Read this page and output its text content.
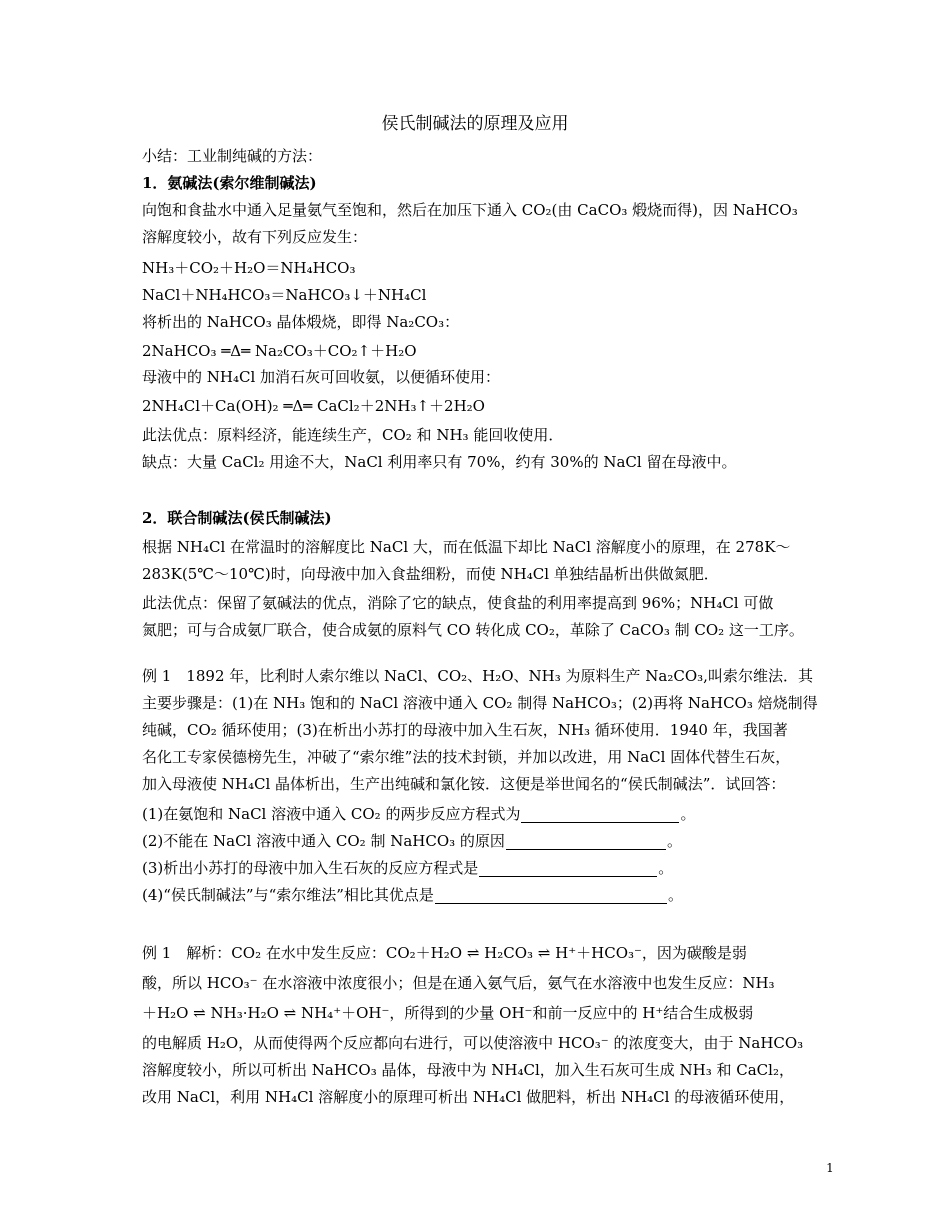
侯氏制碱法的原理及应用
小结：工业制纯碱的方法：
1．氨碱法(索尔维制碱法)
向饱和食盐水中通入足量氨气至饱和，然后在加压下通入 CO₂(由 CaCO₃ 煅烧而得)，因 NaHCO₃
溶解度较小，故有下列反应发生：
NH₃＋CO₂＋H₂O＝NH₄HCO₃
NaCl＋NH₄HCO₃＝NaHCO₃↓＋NH₄Cl
将析出的 NaHCO₃ 晶体煅烧，即得 Na₂CO₃：
2NaHCO₃ ═Δ═ Na₂CO₃＋CO₂↑＋H₂O
母液中的 NH₄Cl 加消石灰可回收氨，以便循环使用：
2NH₄Cl＋Ca(OH)₂ ═Δ═ CaCl₂＋2NH₃↑＋2H₂O
此法优点：原料经济，能连续生产，CO₂ 和 NH₃ 能回收使用．
缺点：大量 CaCl₂ 用途不大，NaCl 利用率只有 70%，约有 30%的 NaCl 留在母液中。
2．联合制碱法(侯氏制碱法)
根据 NH₄Cl 在常温时的溶解度比 NaCl 大，而在低温下却比 NaCl 溶解度小的原理，在 278K～
283K(5℃～10℃)时，向母液中加入食盐细粉，而使 NH₄Cl 单独结晶析出供做氮肥．
此法优点：保留了氨碱法的优点，消除了它的缺点，使食盐的利用率提高到 96%；NH₄Cl 可做
氮肥；可与合成氨厂联合，使合成氨的原料气 CO 转化成 CO₂，革除了 CaCO₃ 制 CO₂ 这一工序。
例 1　1892 年，比利时人索尔维以 NaCl、CO₂、H₂O、NH₃ 为原料生产 Na₂CO₃,叫索尔维法．其
主要步骤是：(1)在 NH₃ 饱和的 NaCl 溶液中通入 CO₂ 制得 NaHCO₃；(2)再将 NaHCO₃ 焙烧制得
纯碱，CO₂ 循环使用；(3)在析出小苏打的母液中加入生石灰，NH₃ 循环使用．1940 年，我国著
名化工专家侯德榜先生，冲破了“索尔维”法的技术封锁，并加以改进，用 NaCl 固体代替生石灰，
加入母液使 NH₄Cl 晶体析出，生产出纯碱和氯化铵．这便是举世闻名的“侯氏制碱法”．试回答：
(1)在氨饱和 NaCl 溶液中通入 CO₂ 的两步反应方程式为	。
(2)不能在 NaCl 溶液中通入 CO₂ 制 NaHCO₃ 的原因	。
(3)析出小苏打的母液中加入生石灰的反应方程式是	。
(4)“侯氏制碱法”与“索尔维法”相比其优点是	。
例 1　解析：CO₂ 在水中发生反应：CO₂＋H₂O ⇌ H₂CO₃ ⇌ H⁺＋HCO₃⁻，因为碳酸是弱
酸，所以 HCO₃⁻ 在水溶液中浓度很小；但是在通入氨气后，氨气在水溶液中也发生反应：NH₃
＋H₂O ⇌ NH₃·H₂O ⇌ NH₄⁺＋OH⁻，所得到的少量 OH⁻和前一反应中的 H⁺结合生成极弱
的电解质 H₂O，从而使得两个反应都向右进行，可以使溶液中 HCO₃⁻ 的浓度变大，由于 NaHCO₃
溶解度较小，所以可析出 NaHCO₃ 晶体，母液中为 NH₄Cl，加入生石灰可生成 NH₃ 和 CaCl₂，
改用 NaCl，利用 NH₄Cl 溶解度小的原理可析出 NH₄Cl 做肥料，析出 NH₄Cl 的母液循环使用，
1
